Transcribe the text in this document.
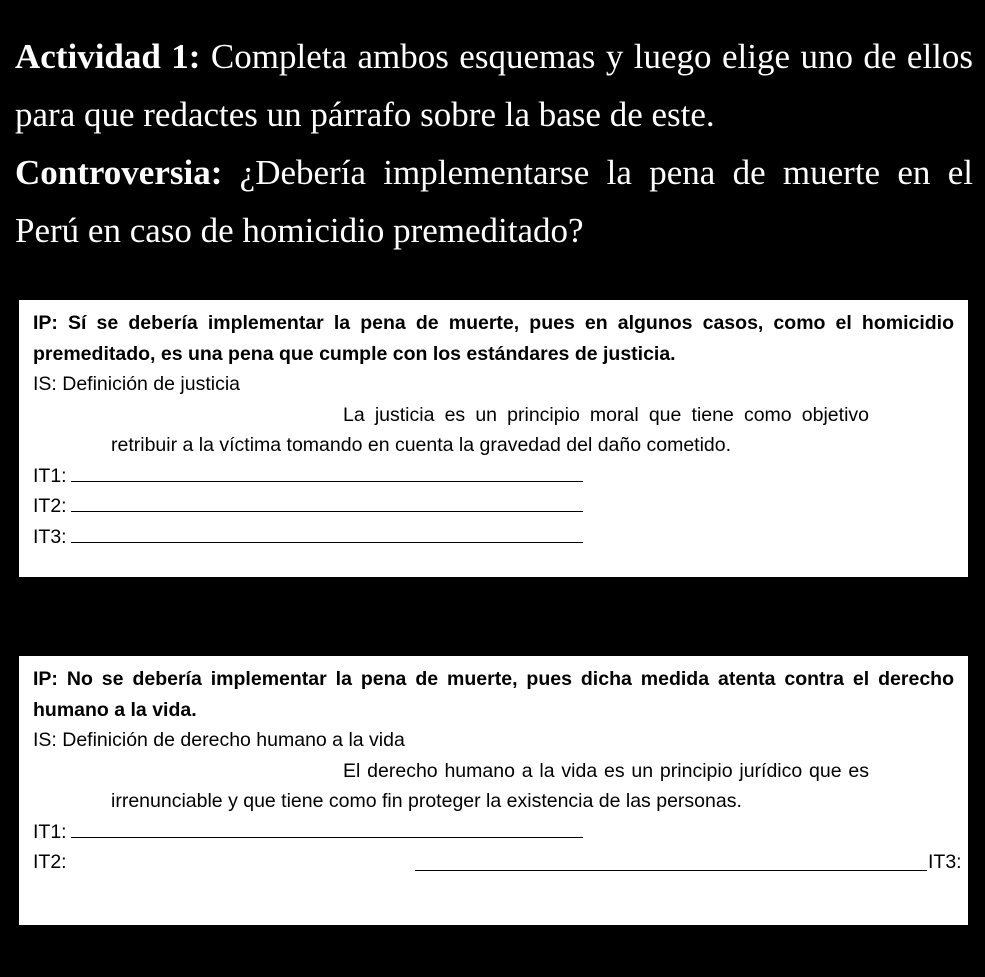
Actividad 1: Completa ambos esquemas y luego elige uno de ellos para que redactes un párrafo sobre la base de este.
Controversia: ¿Debería implementarse la pena de muerte en el Perú en caso de homicidio premeditado?

IP: Sí se debería implementar la pena de muerte, pues en algunos casos, como el homicidio premeditado, es una pena que cumple con los estándares de justicia.

IS: Definición de justicia

La justicia es un principio moral que tiene como objetivo retribuir a la víctima tomando en cuenta la gravedad del daño cometido.

IT1:

IT2:

IT3:

IP: No se debería implementar la pena de muerte, pues dicha medida atenta contra el derecho humano a la vida.

IS: Definición de derecho humano a la vida

El derecho humano a la vida es un principio jurídico que es irrenunciable y que tiene como fin proteger la existencia de las personas.

IT1:

IT2:	IT3:
